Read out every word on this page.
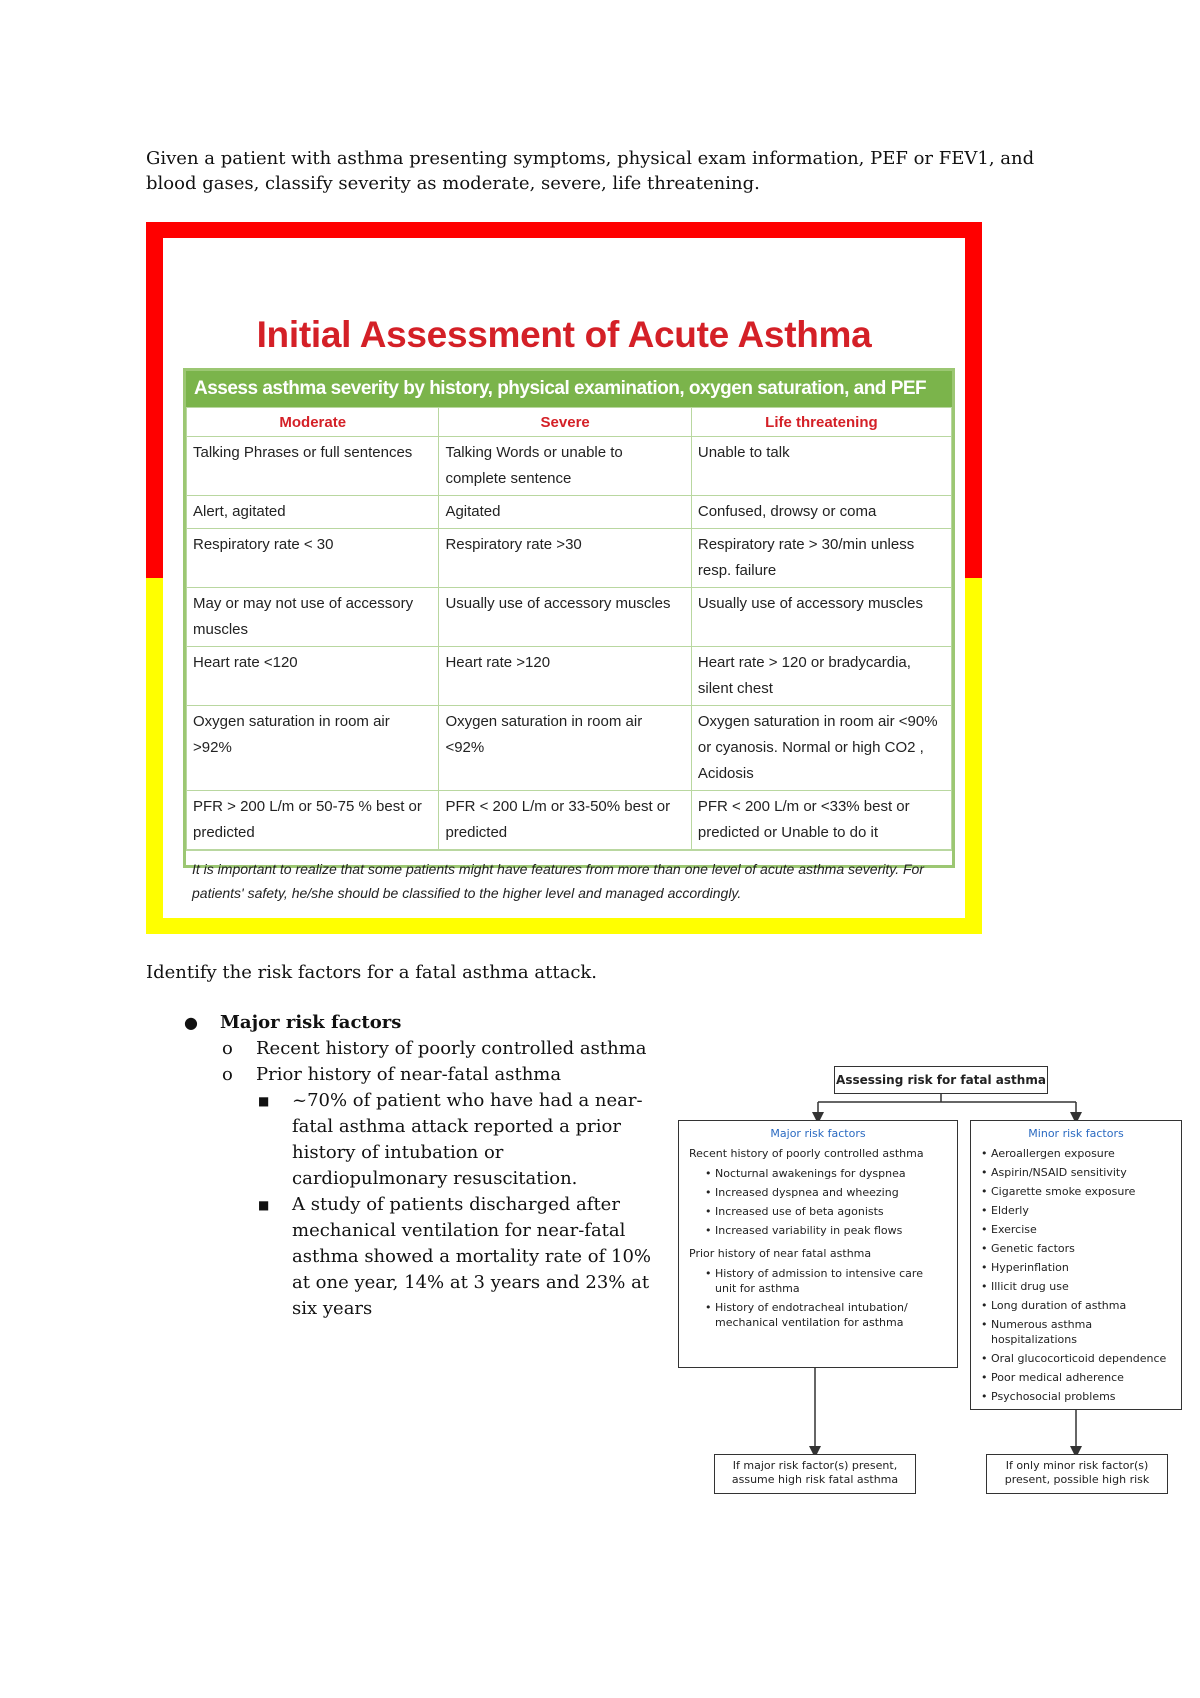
Given a patient with asthma presenting symptoms, physical exam information, PEF or FEV1, and blood gases, classify severity as moderate, severe, life threatening.
Initial Assessment of Acute Asthma
Assess asthma severity by history, physical examination, oxygen saturation, and PEF
Moderate	Severe	Life threatening
Talking Phrases or full sentences	Talking Words or unable to complete sentence	Unable to talk
Alert, agitated	Agitated	Confused, drowsy or coma
Respiratory rate < 30	Respiratory rate >30	Respiratory rate > 30/min unless resp. failure
May or may not use of accessory muscles	Usually use of accessory muscles	Usually use of accessory muscles
Heart rate <120	Heart rate >120	Heart rate > 120 or bradycardia, silent chest
Oxygen saturation in room air >92%	Oxygen saturation in room air <92%	Oxygen saturation in room air <90% or cyanosis. Normal or high CO2 , Acidosis
PFR > 200 L/m or 50-75 % best or predicted	PFR < 200 L/m or 33-50% best or predicted	PFR < 200 L/m or <33% best or predicted or Unable to do it
It is important to realize that some patients might have features from more than one level of acute asthma severity. For patients' safety, he/she should be classified to the higher level and managed accordingly.
Identify the risk factors for a fatal asthma attack.
● Major risk factors
o Recent history of poorly controlled asthma
o Prior history of near-fatal asthma
■ ~70% of patient who have had a near-fatal asthma attack reported a prior history of intubation or cardiopulmonary resuscitation.
■ A study of patients discharged after mechanical ventilation for near-fatal asthma showed a mortality rate of 10% at one year, 14% at 3 years and 23% at six years
Assessing risk for fatal asthma
Major risk factors
Recent history of poorly controlled asthma
• Nocturnal awakenings for dyspnea
• Increased dyspnea and wheezing
• Increased use of beta agonists
• Increased variability in peak flows
Prior history of near fatal asthma
• History of admission to intensive care unit for asthma
• History of endotracheal intubation/ mechanical ventilation for asthma
Minor risk factors
• Aeroallergen exposure
• Aspirin/NSAID sensitivity
• Cigarette smoke exposure
• Elderly
• Exercise
• Genetic factors
• Hyperinflation
• Illicit drug use
• Long duration of asthma
• Numerous asthma hospitalizations
• Oral glucocorticoid dependence
• Poor medical adherence
• Psychosocial problems
If major risk factor(s) present, assume high risk fatal asthma
If only minor risk factor(s) present, possible high risk
